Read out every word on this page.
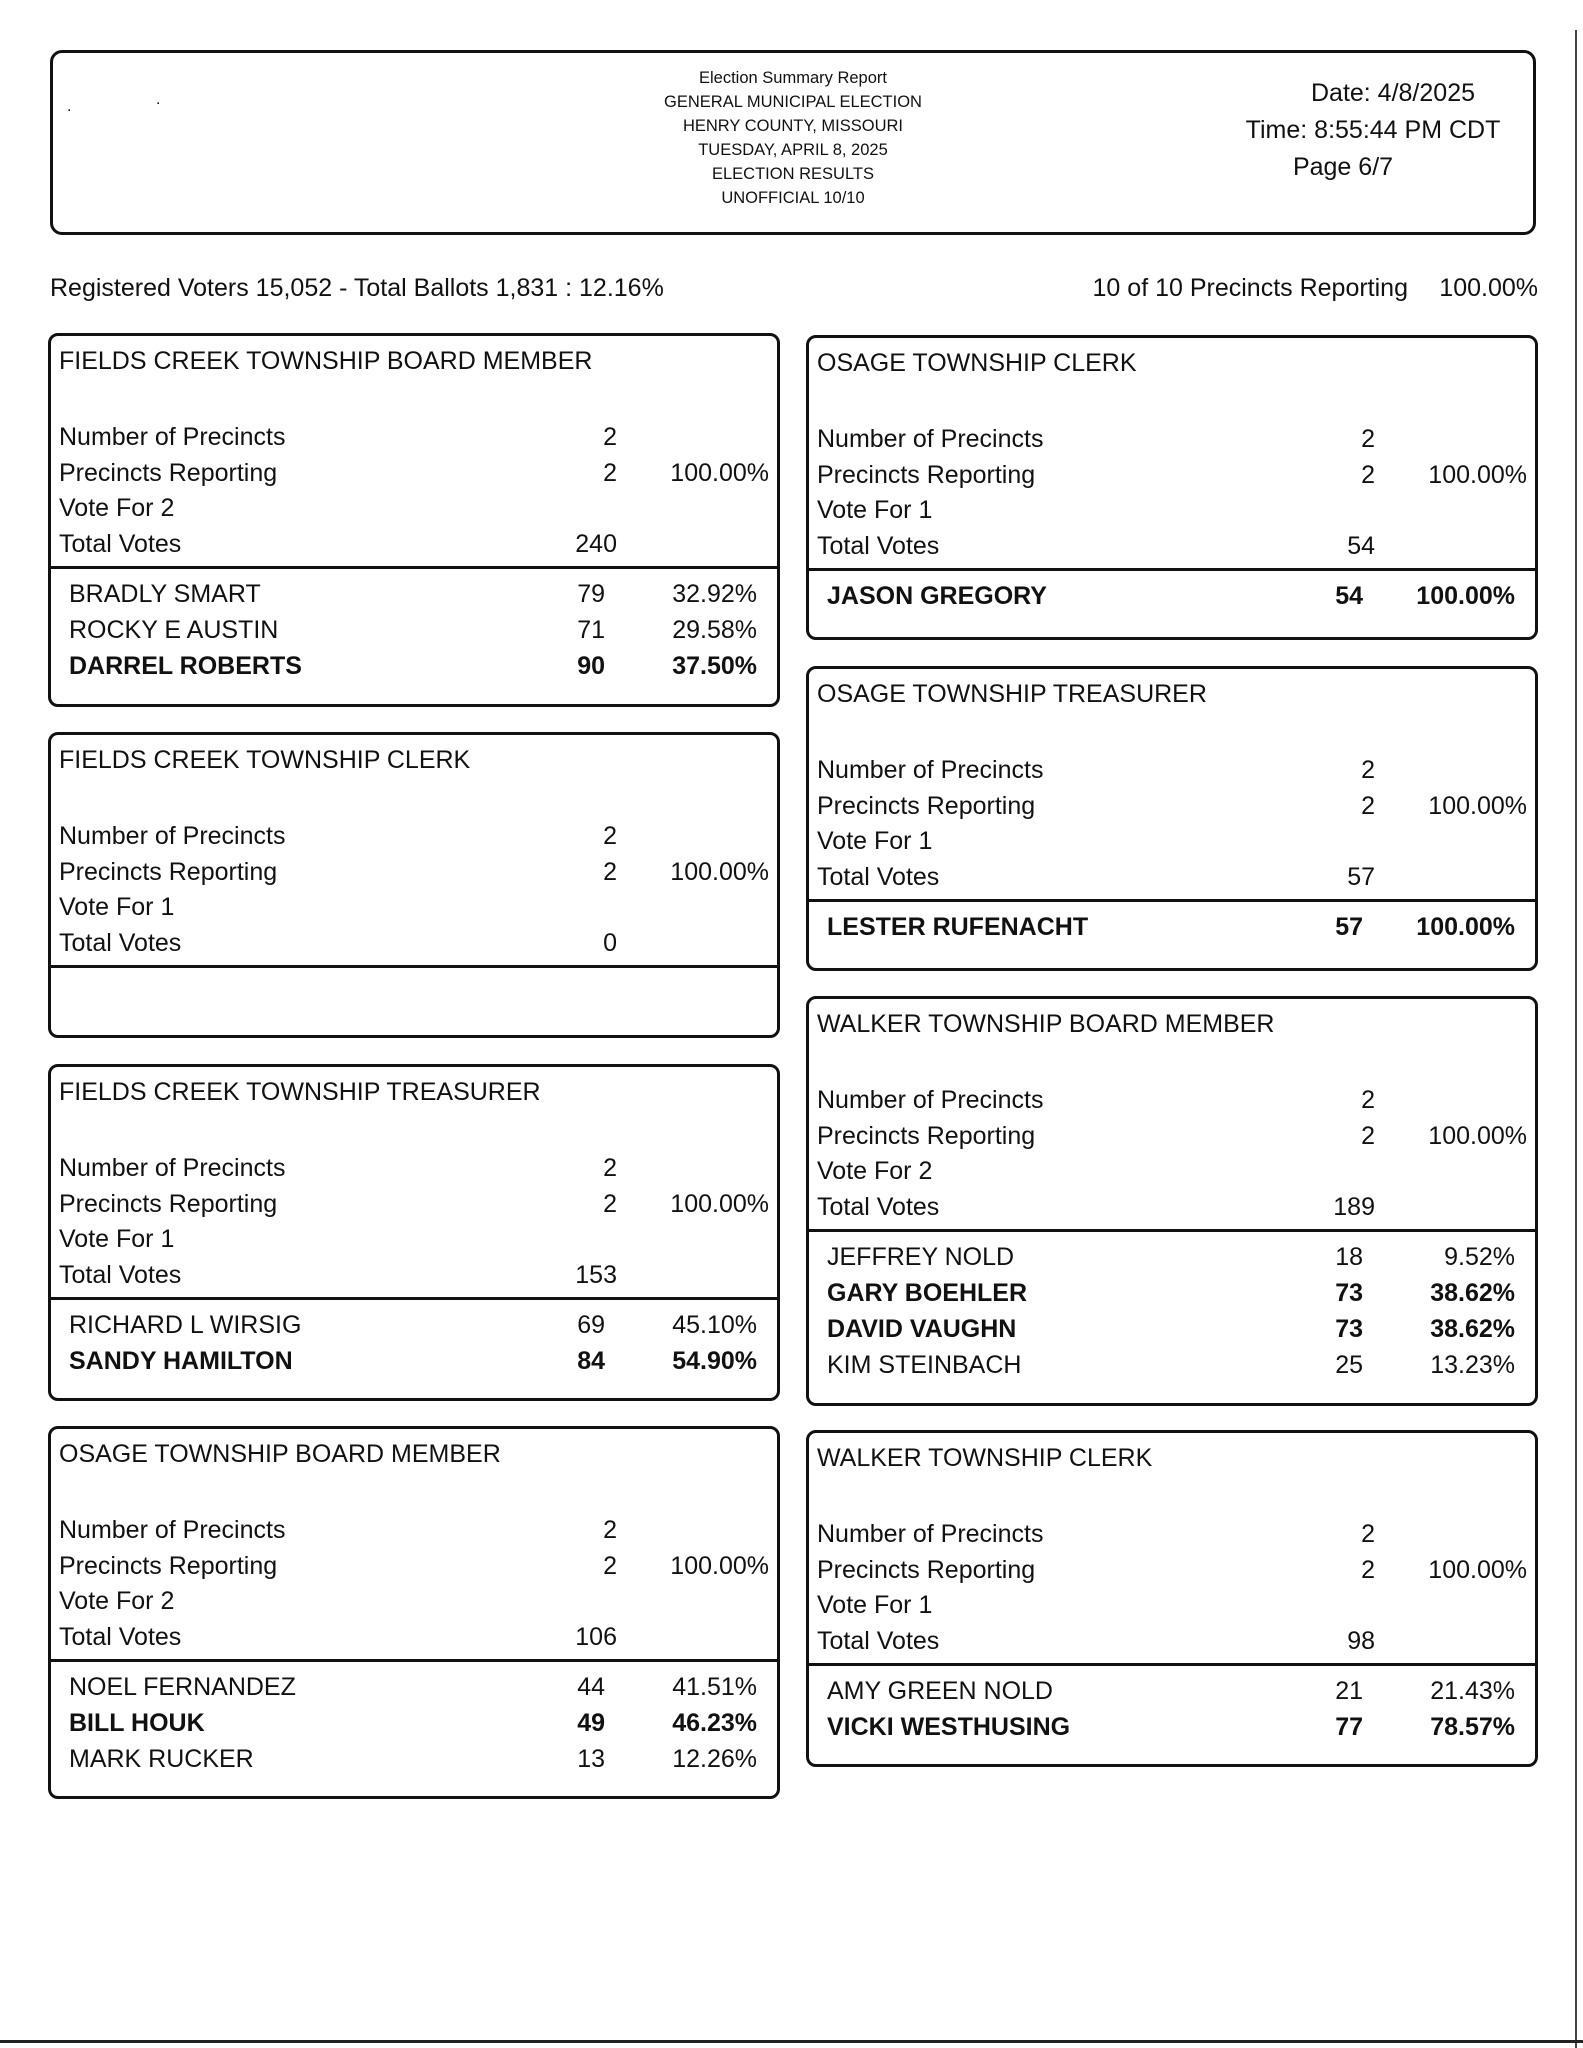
.	.
Election Summary Report
GENERAL MUNICIPAL ELECTION
HENRY COUNTY, MISSOURI
TUESDAY, APRIL 8, 2025
ELECTION RESULTS
UNOFFICIAL 10/10
Date: 4/8/2025
Time: 8:55:44 PM CDT
Page 6/7
Registered Voters 15,052 - Total Ballots 1,831 : 12.16%	10 of 10 Precincts Reporting 100.00%
FIELDS CREEK TOWNSHIP BOARD MEMBER
Number of Precincts	2
Precincts Reporting	2 100.00%
Vote For 2
Total Votes	240
BRADLY SMART	79	32.92%
ROCKY E AUSTIN	71	29.58%
DARREL ROBERTS	90	37.50%
FIELDS CREEK TOWNSHIP CLERK
Number of Precincts	2
Precincts Reporting	2 100.00%
Vote For 1
Total Votes	0
FIELDS CREEK TOWNSHIP TREASURER
Number of Precincts	2
Precincts Reporting	2 100.00%
Vote For 1
Total Votes	153
RICHARD L WIRSIG	69	45.10%
SANDY HAMILTON	84	54.90%
OSAGE TOWNSHIP BOARD MEMBER
Number of Precincts	2
Precincts Reporting	2 100.00%
Vote For 2
Total Votes	106
NOEL FERNANDEZ	44	41.51%
BILL HOUK	49	46.23%
MARK RUCKER	13	12.26%
OSAGE TOWNSHIP CLERK
Number of Precincts	2
Precincts Reporting	2 100.00%
Vote For 1
Total Votes	54
JASON GREGORY	54 100.00%
OSAGE TOWNSHIP TREASURER
Number of Precincts	2
Precincts Reporting	2 100.00%
Vote For 1
Total Votes	57
LESTER RUFENACHT	57 100.00%
WALKER TOWNSHIP BOARD MEMBER
Number of Precincts	2
Precincts Reporting	2 100.00%
Vote For 2
Total Votes	189
JEFFREY NOLD	18	9.52%
GARY BOEHLER	73	38.62%
DAVID VAUGHN	73	38.62%
KIM STEINBACH	25	13.23%
WALKER TOWNSHIP CLERK
Number of Precincts	2
Precincts Reporting	2 100.00%
Vote For 1
Total Votes	98
AMY GREEN NOLD	21	21.43%
VICKI WESTHUSING	77	78.57%
